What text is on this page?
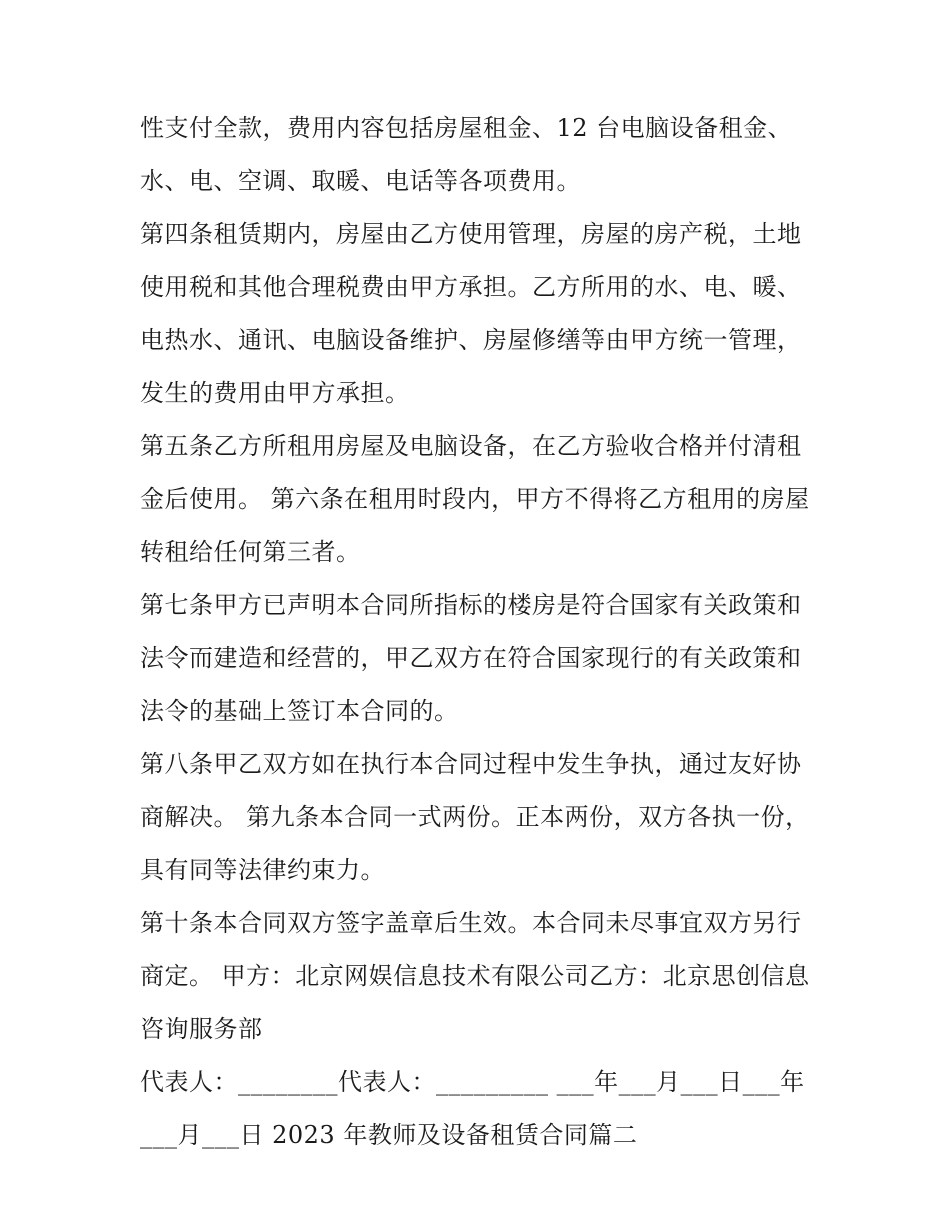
性支付全款，费用内容包括房屋租金、12 台电脑设备租金、水、电、空调、取暖、电话等各项费用。

第四条租赁期内，房屋由乙方使用管理，房屋的房产税，土地使用税和其他合理税费由甲方承担。乙方所用的水、电、暖、电热水、通讯、电脑设备维护、房屋修缮等由甲方统一管理，发生的费用由甲方承担。

第五条乙方所租用房屋及电脑设备，在乙方验收合格并付清租金后使用。 第六条在租用时段内，甲方不得将乙方租用的房屋转租给任何第三者。

第七条甲方已声明本合同所指标的楼房是符合国家有关政策和法令而建造和经营的，甲乙双方在符合国家现行的有关政策和法令的基础上签订本合同的。

第八条甲乙双方如在执行本合同过程中发生争执，通过友好协商解决。 第九条本合同一式两份。正本两份，双方各执一份，具有同等法律约束力。

第十条本合同双方签字盖章后生效。本合同未尽事宜双方另行商定。 甲方：北京网娱信息技术有限公司乙方：北京思创信息咨询服务部

代表人：________代表人：_________ ___年___月___日___年___月___日 2023 年教师及设备租赁合同篇二
